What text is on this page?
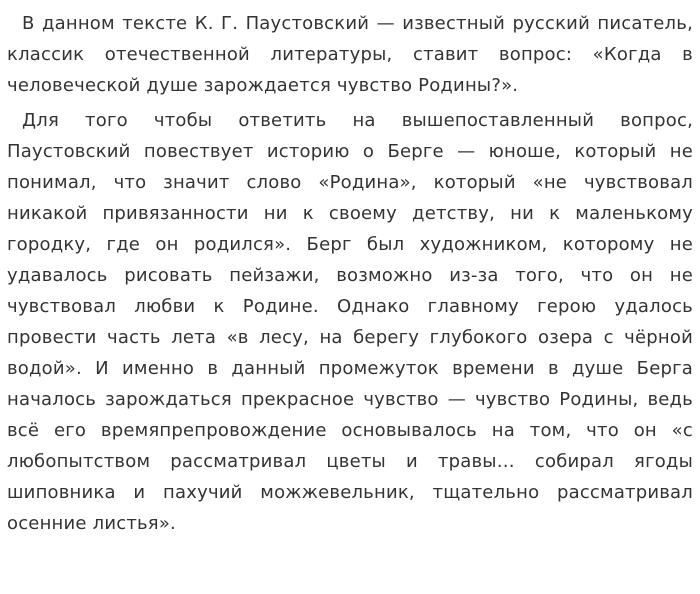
В данном тексте К. Г. Паустовский — известный русский писатель, классик отечественной литературы, ставит вопрос: «Когда в человеческой душе зарождается чувство Родины?».

Для того чтобы ответить на вышепоставленный вопрос, Паустовский повествует историю о Берге — юноше, который не понимал, что значит слово «Родина», который «не чувствовал никакой привязанности ни к своему детству, ни к маленькому городку, где он родился». Берг был художником, которому не удавалось рисовать пейзажи, возможно из-за того, что он не чувствовал любви к Родине. Однако главному герою удалось провести часть лета «в лесу, на берегу глубокого озера с чёрной водой». И именно в данный промежуток времени в душе Берга началось зарождаться прекрасное чувство — чувство Родины, ведь всё его времяпрепровождение основывалось на том, что он «с любопытством рассматривал цветы и травы… собирал ягоды шиповника и пахучий можжевельник, тщательно рассматривал осенние листья».
